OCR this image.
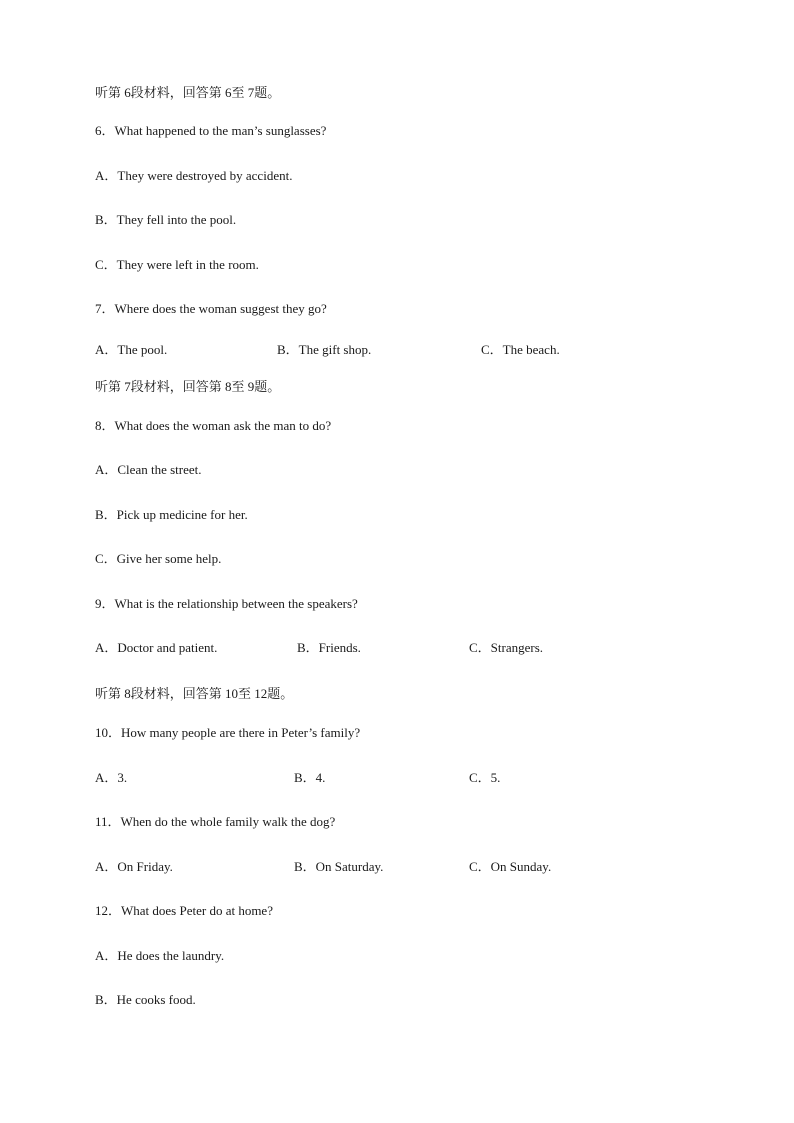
听第 6段材料，回答第 6至 7题。
6．What happened to the man’s sunglasses?
A．They were destroyed by accident.
B．They fell into the pool.
C．They were left in the room.
7．Where does the woman suggest they go?
A．The pool.	B．The gift shop.	C．The beach.
听第 7段材料，回答第 8至 9题。
8．What does the woman ask the man to do?
A．Clean the street.
B．Pick up medicine for her.
C．Give her some help.
9．What is the relationship between the speakers?
A．Doctor and patient.	B．Friends.	C．Strangers.
听第 8段材料，回答第 10至 12题。
10．How many people are there in Peter’s family?
A．3.	B．4.	C．5.
11．When do the whole family walk the dog?
A．On Friday.	B．On Saturday.	C．On Sunday.
12．What does Peter do at home?
A．He does the laundry.
B．He cooks food.
